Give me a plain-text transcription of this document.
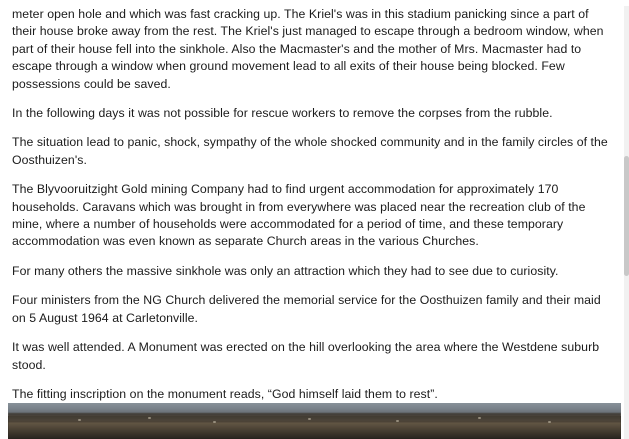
meter open hole and which was fast cracking up. The Kriel's was in this stadium panicking since a part of their house broke away from the rest. The Kriel's just managed to escape through a bedroom window, when part of their house fell into the sinkhole. Also the Macmaster's and the mother of Mrs. Macmaster had to escape through a window when ground movement lead to all exits of their house being blocked. Few possessions could be saved.

In the following days it was not possible for rescue workers to remove the corpses from the rubble.

The situation lead to panic, shock, sympathy of the whole shocked community and in the family circles of the Oosthuizen's.

The Blyvooruitzight Gold mining Company had to find urgent accommodation for approximately 170 households. Caravans which was brought in from everywhere was placed near the recreation club of the mine, where a number of households were accommodated for a period of time, and these temporary accommodation was even known as separate Church areas in the various Churches.

For many others the massive sinkhole was only an attraction which they had to see due to curiosity.

Four ministers from the NG Church delivered the memorial service for the Oosthuizen family and their maid on 5 August 1964 at Carletonville.

It was well attended. A Monument was erected on the hill overlooking the area where the Westdene suburb stood.

The fitting inscription on the monument reads, “God himself laid them to rest”.
